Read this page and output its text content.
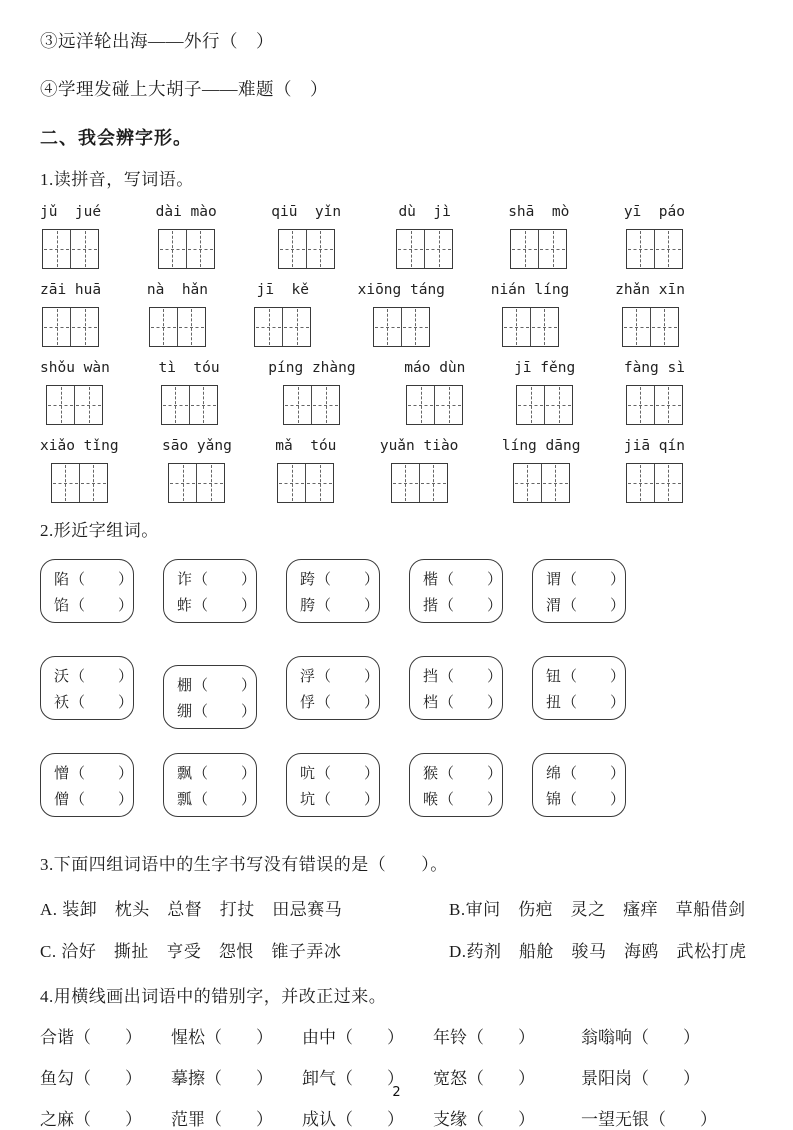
③远洋轮出海——外行（　）

④学理发碰上大胡子——难题（　）

二、我会辨字形。

1.读拼音，写词语。

jǔ  jué	dài mào	qiū  yǐn	dù  jì	shā  mò	yī  páo
zāi huā	nà  hǎn	jī  kě	xiōng táng	nián líng	zhǎn xīn
shǒu wàn	tì  tóu	píng zhàng	máo dùn	jī fěng	fàng sì
xiǎo tǐng	sāo yǎng	mǎ  tóu	yuǎn tiào	líng dāng	jiā qín

2.形近字组词。

陷（　　）
馅（　　）
诈（　　）
蚱（　　）
跨（　　）
胯（　　）
楷（　　）
揩（　　）
谓（　　）
渭（　　）
沃（　　）
袄（　　）
棚（　　）
绷（　　）
浮（　　）
俘（　　）
挡（　　）
档（　　）
钮（　　）
扭（　　）
憎（　　）
僧（　　）
飘（　　）
瓢（　　）
吭（　　）
坑（　　）
猴（　　）
喉（　　）
绵（　　）
锦（　　）

3.下面四组词语中的生字书写没有错误的是（　　）。

A. 装卸　枕头　总督　打扙　田忌赛马	B.审问　伤疤　灵之　瘙痒　草船借剑
C. 洽好　撕扯　亨受　怨恨　锥子弄冰	D.药剂　船舱　骏马　海鸥　武松打虎

4.用横线画出词语中的错别字，并改正过来。

合谐（　　）	惺松（　　）	由中（　　）	年铃（　　）	翁嗡响（　　）
鱼勾（　　）	摹擦（　　）	卸气（　　）	宽怒（　　）	景阳岗（　　）
之麻（　　）	范罪（　　）	成认（　　）	支缘（　　）	一望无银（　　）
2
